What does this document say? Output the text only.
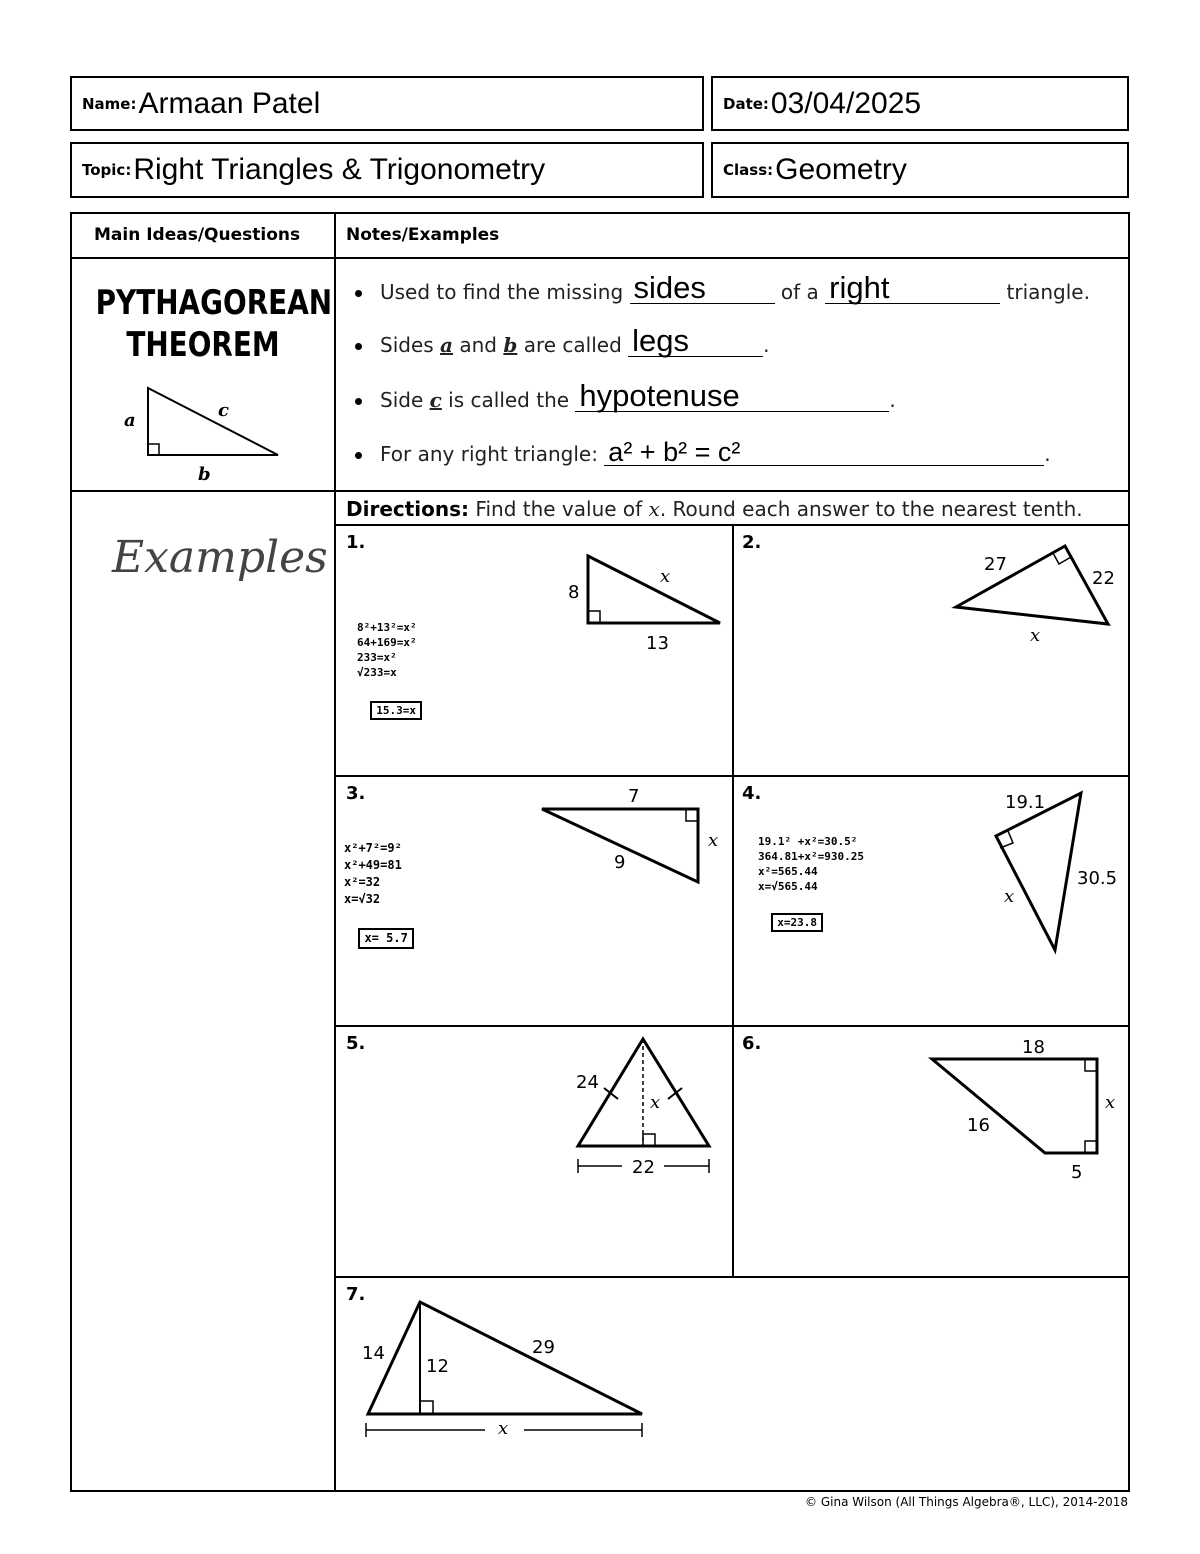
Name: Armaan Patel	Date: 03/04/2025
Topic: Right Triangles & Trigonometry	Class: Geometry
Main Ideas/Questions	Notes/Examples
PYTHAGOREAN
THEOREM
a	c
b
Used to find the missing sides	of a right	triangle.
Sides a and b are called legs	.
Side c is called the hypotenuse	.
For any right triangle: a² + b² = c²	.
Examples
Directions: Find the value of x. Round each answer to the nearest tenth.
1.	2.
3.	4.
5.	6.
7.

8²+13²=x²
64+169=x²
233=x²
√233=x

15.3=x

x²+7²=9²
x²+49=81
x²=32
x=√32

x= 5.7

19.1² +x²=30.5²
364.81+x²=930.25
x²=565.44
x=√565.44

x=23.8

8
x
13
27
22
x
7
x
9
19.1
30.5
x
24
x
22
18
x
16
5
14
12
29
x
© Gina Wilson (All Things Algebra®, LLC), 2014-2018
